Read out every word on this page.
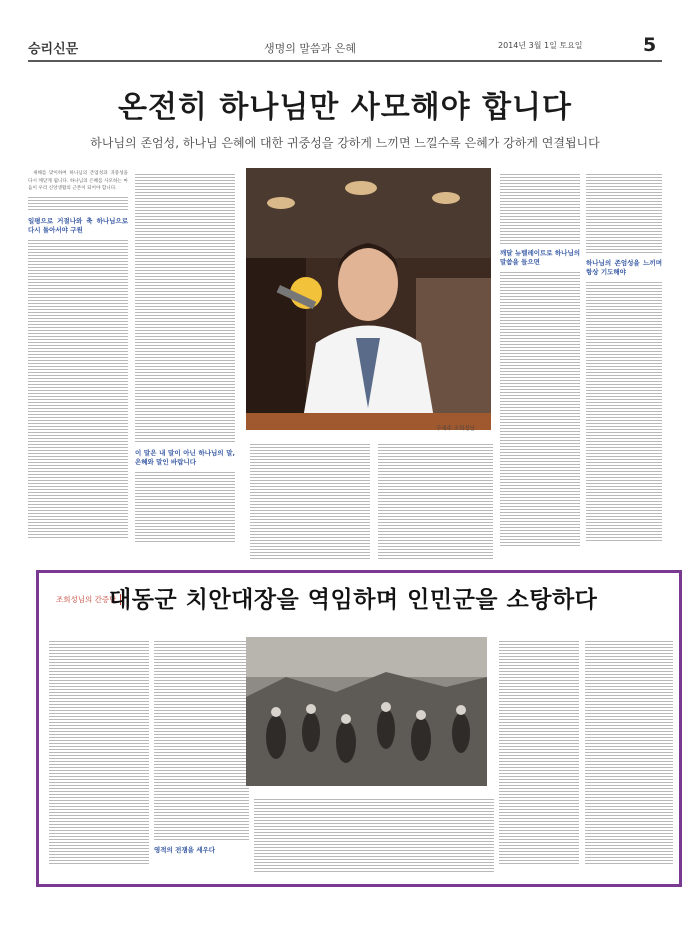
승리신문	생명의 말씀과 은혜	2014년 3월 1일 토요일	5
온전히 하나님만 사모해야 합니다
하나님의 존엄성, 하나님 은혜에 대한 귀중성을 강하게 느끼면 느낄수록 은혜가 강하게 연결됩니다

새해를 맞이하여 하나님의 존엄성과 귀중성을 다시 깨닫게 됩니다. 하나님의 은혜를 사모하는 마음이 우리 신앙생활의 근본이 되어야 합니다.

일평으로 거절나와 축 하나님으로 다시 돌아서야 구원
이 말은 내 말이 아닌 하나님의 말, 은혜와 말인 바랍니다
깨달 뉴텔레이트로 하나님의 말씀을 들으면	하나님의 존엄성을 느끼며 항상 기도해야
구세주 조희성님
조희성님의 간증담
대동군 치안대장을 역임하며 인민군을 소탕하다
영적의 전쟁을 세우다
